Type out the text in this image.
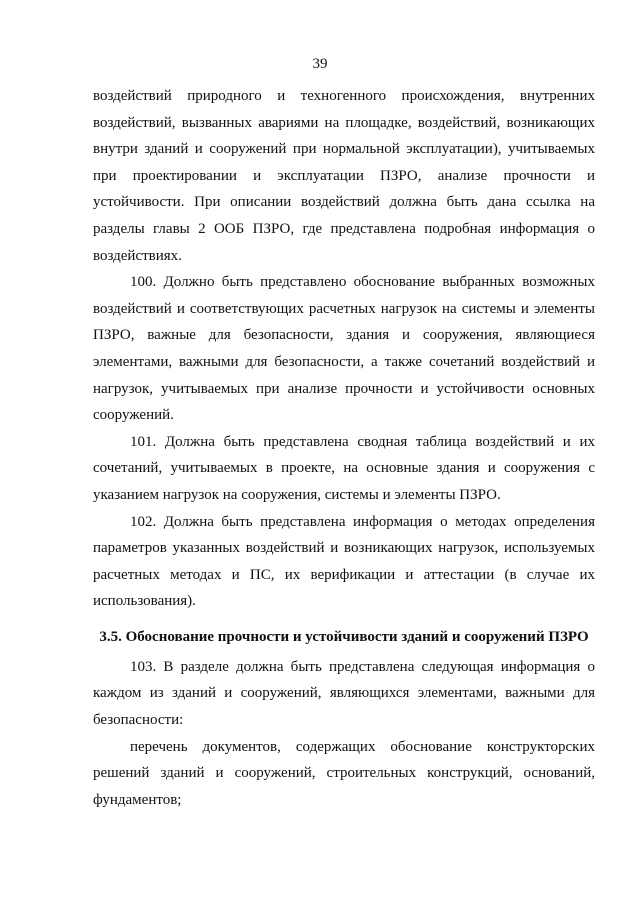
39

воздействий природного и техногенного происхождения, внутренних воздействий, вызванных авариями на площадке, воздействий, возникающих внутри зданий и сооружений при нормальной эксплуатации), учитываемых при проектировании и эксплуатации ПЗРО, анализе прочности и устойчивости. При описании воздействий должна быть дана ссылка на разделы главы 2 ООБ ПЗРО, где представлена подробная информация о воздействиях.

100. Должно быть представлено обоснование выбранных возможных воздействий и соответствующих расчетных нагрузок на системы и элементы ПЗРО, важные для безопасности, здания и сооружения, являющиеся элементами, важными для безопасности, а также сочетаний воздействий и нагрузок, учитываемых при анализе прочности и устойчивости основных сооружений.

101. Должна быть представлена сводная таблица воздействий и их сочетаний, учитываемых в проекте, на основные здания и сооружения с указанием нагрузок на сооружения, системы и элементы ПЗРО.

102. Должна быть представлена информация о методах определения параметров указанных воздействий и возникающих нагрузок, используемых расчетных методах и ПС, их верификации и аттестации (в случае их использования).

3.5. Обоснование прочности и устойчивости зданий и сооружений ПЗРО

103. В разделе должна быть представлена следующая информация о каждом из зданий и сооружений, являющихся элементами, важными для безопасности:

перечень документов, содержащих обоснование конструкторских решений зданий и сооружений, строительных конструкций, оснований, фундаментов;
